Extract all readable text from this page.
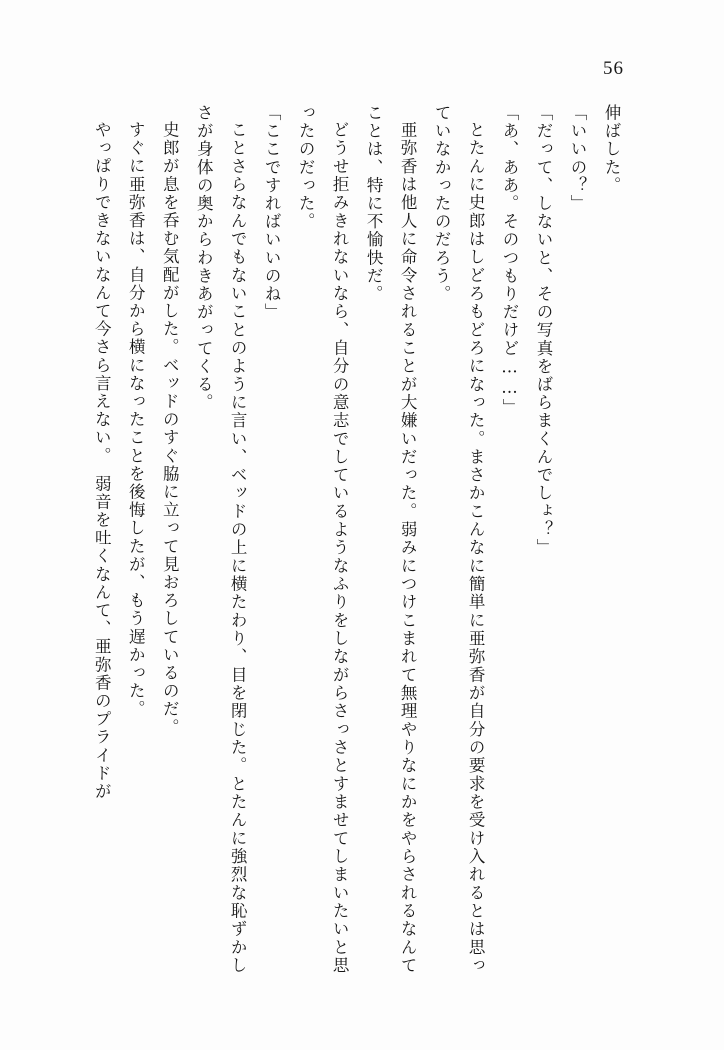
56

伸ばした。

「いいの？」

「だって、しないと、その写真をばらまくんでしょ？」

「あ、ああ。そのつもりだけど……」

とたんに史郎はしどろもどろになった。まさかこんなに簡単に亜弥香が自分の要求を受け入れるとは思っていなかったのだろう。

亜弥香は他人に命令されることが大嫌いだった。弱みにつけこまれて無理やりなにかをやらされるなんてことは、特に不愉快だ。

どうせ拒みきれないなら、自分の意志でしているようなふりをしながらさっさとすませてしまいたいと思ったのだった。

「ここですればいいのね」

ことさらなんでもないことのように言い、ベッドの上に横たわり、目を閉じた。とたんに強烈な恥ずかしさが身体の奥からわきあがってくる。

史郎が息を呑む気配がした。ベッドのすぐ脇に立って見おろしているのだ。

すぐに亜弥香は、自分から横になったことを後悔したが、もう遅かった。

やっぱりできないなんて今さら言えない。　弱音を吐くなんて、亜弥香のプライドが
